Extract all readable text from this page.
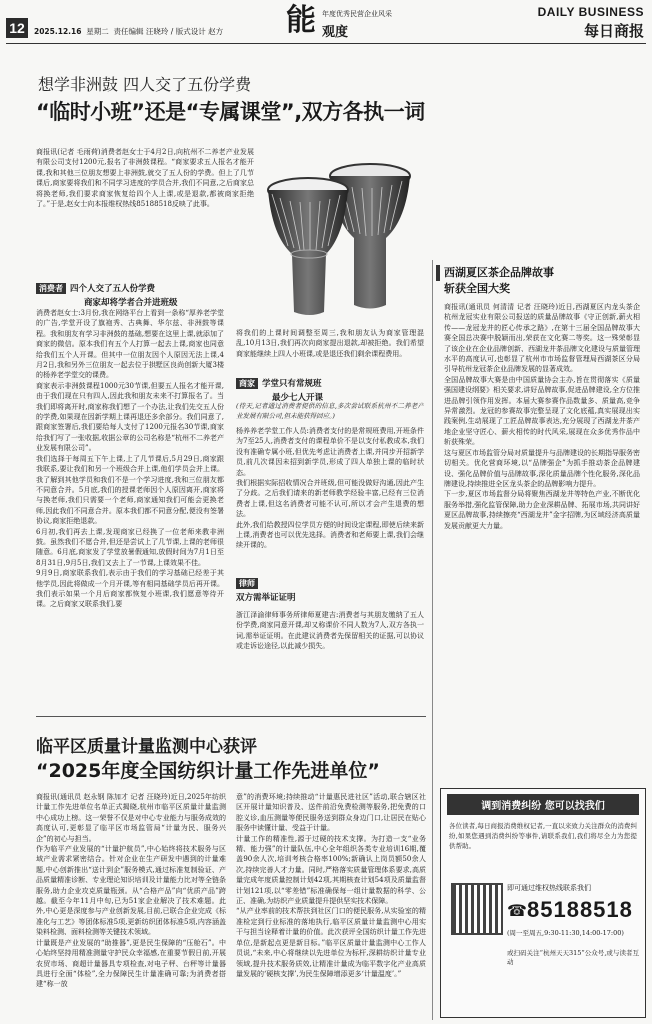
12	2025.12.16 星期二 责任编辑 汪晓玲 / 版式设计 赵方 能 年度优秀民营企业风采
观度
DAILY BUSINESS
每日商报
想学非洲鼓 四人交了五份学费
“临时小班”还是“专属课堂”,双方各执一词
商报讯(记者 毛雨荷)消费者赵女士于4月2日,向杭州不二养老产业发展有限公司支付1200元,报名了非洲鼓课程。“商家要求五人报名才能开课,我和其他三位朋友想要上非洲鼓,就交了五人份的学费。但上了几节课后,商家要将我们和不同学习进度的学员合并,我们不同意,之后商家总将换老师,我们要求商家恢复给四个人上课,或是退款,都被商家拒绝了。”于是,赵女士向本报维权热线85188518反映了此事。
消费者 四个人交了五人份学费
商家却将学者合并进班级
消费者赵女士:3月份,我在网络平台上看到一条称“厚养老学堂的广告,学堂开设了旗袍秀、古典舞、华尔兹、非洲鼓等课程。我和朋友有学习非洲鼓的基础,想要在这里上课,就添加了商家的微信。原本我们有五个人打算一起去上课,商家也同意给我们五个人开课。但其中一位朋友因个人原因无法上课,4月2日,我和另外三位朋友一起去位于拱墅区良尚创新大厦3楼的杨养老学堂交的课费。
商家表示非洲鼓课程1000元30节课,但要五人报名才能开课,由于我们现在只有四人,因此我和朋友未来不打算报名了。当我们即将离开时,商家称我们想了一个办法,让我们先交五人份的学费,如果现在因新学期上课再退还多余部分。我们同意了,跟商家签署后,我们要给每人支付了1200元报名30节课,商家给我们写了一张收据,收据公章的公司名称是“杭州不二养老产业发展有限公司”。
我们选择于每周五下午上课,上了几节课后,5月29日,商家跟我联系,要让我们和另一个班级合并上课,他们学员会并上课。我了解到其他学员和我们不是一个学习进度,我和三位朋友都不同意合并。5月底,我们的授课老师因个人原因离开,商家将与换老师,我们只需要一个老师,商家通知我们可能会更换老师,因此我们不同意合并。原本我们都不同意分配,便没有签署协议,商家拒绝退款。
6月初,我们再去上课,发现商家已经换了一位老师来教非洲鼓。虽然我们不愿合并,但还是尝试上了几节课,上课的老师很随意。6月底,商家发了学堂放暑假通知,放假时间为7月1日至8月31日,9月5日,我们又去上了一节课,上课效果不佳。
9月9日,商家联系我们,表示由于我们的学习基础已经差于其他学员,因此将做成一个月开课,等有相同基础学员后再开课。我们表示如果一个月后商家都恢复小班课,我们愿意等待开课。之后商家又联系我们,要
将我们的上课时间调整至周三,我和朋友认为商家管理混乱,10月13日,我们再次向商家提出退款,却被拒绝。我们希望商家能继续上四人小班课,或是退还我们剩余课程费用。
商家 学堂只有常规班
最少七人开课
(待天,记者通过消费者提供的信息,多次尝试联系杭州不二养老产业发展有限公司,但未能获得回应。)
杨养养老学堂工作人员:消费者支付的是常规班费用,开班条件为7至25人,消费者支付的课程单价不是以支付私教成本,我们没有准确专属小班,但优先考虑让消费者上课,并同步开招新学员,前几次课因未招到新学员,形成了四人单独上课的临时状态。
我们根据实际招收情况合并班级,但可能没做好沟通,因此产生了分歧。之后我们请来的新老师教学经验丰富,已经有三位消费者上课,但这名消费者可能不认可,所以才会产生退费的想法。
此外,我们给教授四位学员方便的时间设定课程,即使后续来新上课,消费者也可以优先选择。消费者和老师要上课,我们会继续开课的。
律师
双方需举证证明
浙江泽渝律师事务所律师夏建吉:消费者与其朋友缴纳了五人份学费,商家同意开课,却又称课价不同人数为7人,双方各执一词,需举证证明。在此建议消费者先保留相关的证据,可以协议或走诉讼途径,以此减少损失。
西湖夏区茶企品牌故事
斩获全国大奖
商报讯(通讯员 何清清 记者 汪晓玲)近日,西湖夏区内龙头茶企杭州龙冠实业有限公司报送的质量品牌故事《守正创新,薪火相传——龙冠龙井的匠心传承之路》,在第十三届全国品牌故事大赛全国总决赛中脱颖而出,荣获在文化赛二等奖。这一殊荣彰显了该企业在企业品牌创新、西湖龙井茶品牌文化建设与质量管理水平的高度认可,也彰显了杭州市市场监督管理局西湖茶区分局引导杭州龙冠茶企业品牌发展的显著成效。
全国品牌故事大赛是由中国质量协会主办,旨在贯彻落实《质量强国建设纲要》相关要求,讲好品牌故事,促进品牌建设,全方位推进品牌引领作用发挥。本届大赛参赛作品数量多、质量高,竞争异常激烈。龙冠的参赛故事完整呈现了文化底蕴,真实展现出实践案例,生动展现了工匠品牌故事表达,充分展现了西湖龙井茶产地企业坚守匠心、薪火相传的时代风采,展现在众多优秀作品中斩获殊荣。
这与夏区市场监管分局对质量提升与品牌建设的长期指导服务密切相关。优化营商环境,以“品牌强企”为抓手推动茶企品牌建设、强化品牌价值与品牌故事,深化质量品牌个性化服务,深化品牌建设,持续推进全区龙头茶企的品牌影响力提升。
下一步,夏区市场监督分局将聚焦西湖龙井等特色产业,不断优化服务举措,强化监管保障,助力企业深耕品牌、拓展市场,共同讲好夏区品牌故事,持续擦亮“西湖龙井”金字招牌,为区域经济高质量发展贡献更大力量。
调到消费纠纷 您可以找我们
各位读者,每日商报消费维权记者,一直以来致力关注群众的消费纠纷,如果您遇到消费纠纷等事件,请联系我们,我们将尽全力为您提供帮助。
即可通过维权热线联系我们
☎ 85188518
(周一至周五,9:30-11:30,14:00-17:00)
或扫码关注“杭州天天315”公众号,或与读者互动
临平区质量计量监测中心获评
“2025年度全国纺织计量工作先进单位”
商报讯(通讯员 赵永钢 陈加才 记者 汪晓玲)近日,2025年纺织计量工作先进单位名单正式揭晓,杭州市临平区质量计量监测中心成功上榜。这一荣誉不仅是对中心专业能力与服务成效的高度认可,更彰显了临平区市场监管局“计量为民、服务兴企”的初心与担当。
作为临平产业发展的“计量护航员”,中心始终将技术服务与区域产业需求紧密结合。针对企业在生产研发中遇到的计量难题,中心创新推出“送计到企”服务模式,通过标准复制验证、产品质量精准诊断、专业理论知识培训及计量能力比对等全链条服务,助力企业攻克质量瓶颈。从“合格产品”向“优质产品”跨越。截至今年11月中旬,已为51家企业解决了技术难题。此外,中心更是深度参与产业创新发展,目前,已联合企业完成《标准化与工艺》等团体标准5项,更新纺织团体标准5项,内容涵盖染料检测、面料检测等关键技术领域。
计量既是产业发展的“助推器”,更是民生保障的“压舱石”。中心始终坚持用精准测量守护民众幸福感,在重要节假日前,开展农贸市场、商超计量器具专项检查,对电子秤、台秤等计量器具进行全面“体检”,全力保障民生计量准确可靠;为消费者搭建“称一放
意”的消费环境;持续推动“计量惠民进社区”活动,联合辖区社区开展计量知识普及、送件前沿免费检测等服务,把免费的口腔义诊,血压测量等便民服务送到群众身边门口,让居民在贴心服务中读懂计量、受益于计量。
计量工作的精准性,源于过硬的技术支撑。为打造一支“业务精、能力强”的计量队伍,中心全年组织各类专业培训16期,覆盖90余人次,培训考核合格率100%;新确认上岗员额50余人次,持续完善人才力量。同时,严格落实质量管理体系要求,高质量完成年度质量控制计划42项,其期核查计划54项及质量监督计划121项,以“零差错”标准确保每一组计量数据的科学、公正、准确,为纺织产业质量提升提供坚实技术保障。
“从产业率前的技术帮扶到社区门口的便民服务,从实验室的精准检定到行业标准的落地执行,临平区质量计量监测中心用实干与担当诠释着计量的价值。此次获评全国纺织计量工作先进单位,是新起点更是新目标。”临平区质量计量监测中心工作人员说,“未来,中心将继续以先进单位为标杆,深耕纺织计量专业领域,提升技术服务质效,让精准计量成为临平数字化产业高质量发展的‘硬核支撑’,为民生保障增添更多‘计量温度’。”
